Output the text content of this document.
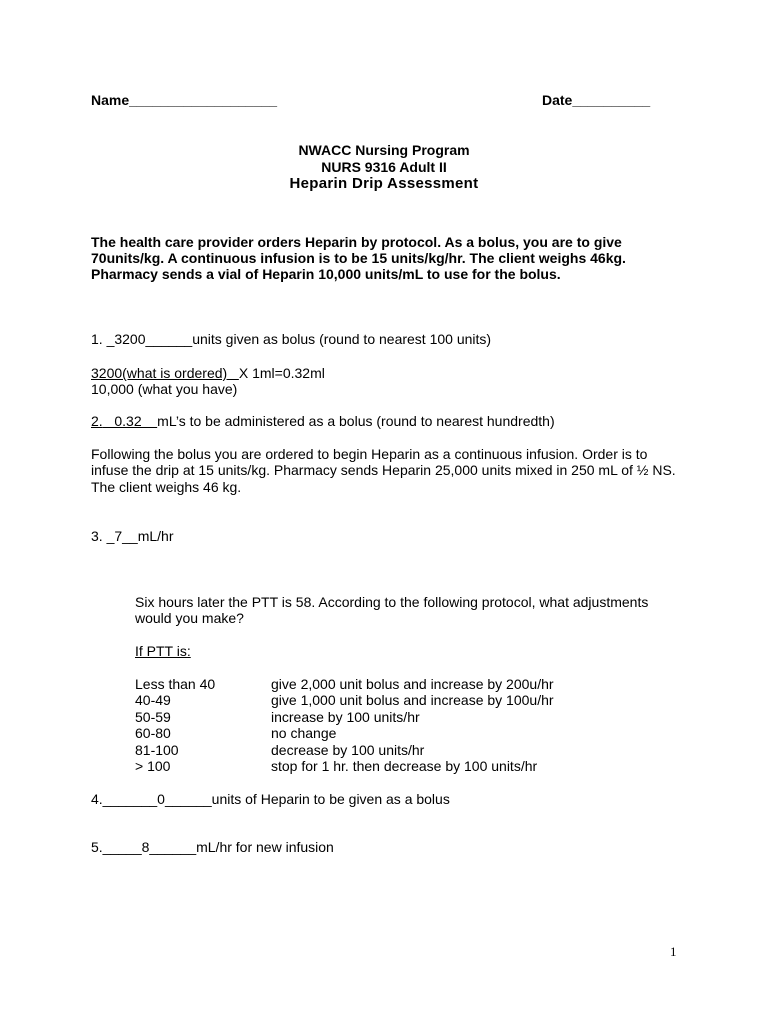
Name___________________	Date__________
NWACC Nursing Program
NURS 9316 Adult II
Heparin Drip Assessment
The health care provider orders Heparin by protocol. As a bolus, you are to give
70units/kg. A continuous infusion is to be 15 units/kg/hr. The client weighs 46kg.
Pharmacy sends a vial of Heparin 10,000 units/mL to use for the bolus.
1. _3200______units given as bolus (round to nearest 100 units)
3200(what is ordered)   X 1ml=0.32ml
10,000 (what you have)
2.   0.32    mL’s to be administered as a bolus (round to nearest hundredth)
Following the bolus you are ordered to begin Heparin as a continuous infusion. Order is to
infuse the drip at 15 units/kg. Pharmacy sends Heparin 25,000 units mixed in 250 mL of ½ NS.
The client weighs 46 kg.
3. _7__mL/hr
Six hours later the PTT is 58. According to the following protocol, what adjustments
would you make?
If PTT is:
Less than 40	give 2,000 unit bolus and increase by 200u/hr
40-49	give 1,000 unit bolus and increase by 100u/hr
50-59	increase by 100 units/hr
60-80	no change
81-100	decrease by 100 units/hr
> 100	stop for 1 hr. then decrease by 100 units/hr
4._______0______units of Heparin to be given as a bolus
5._____8______mL/hr for new infusion
1
